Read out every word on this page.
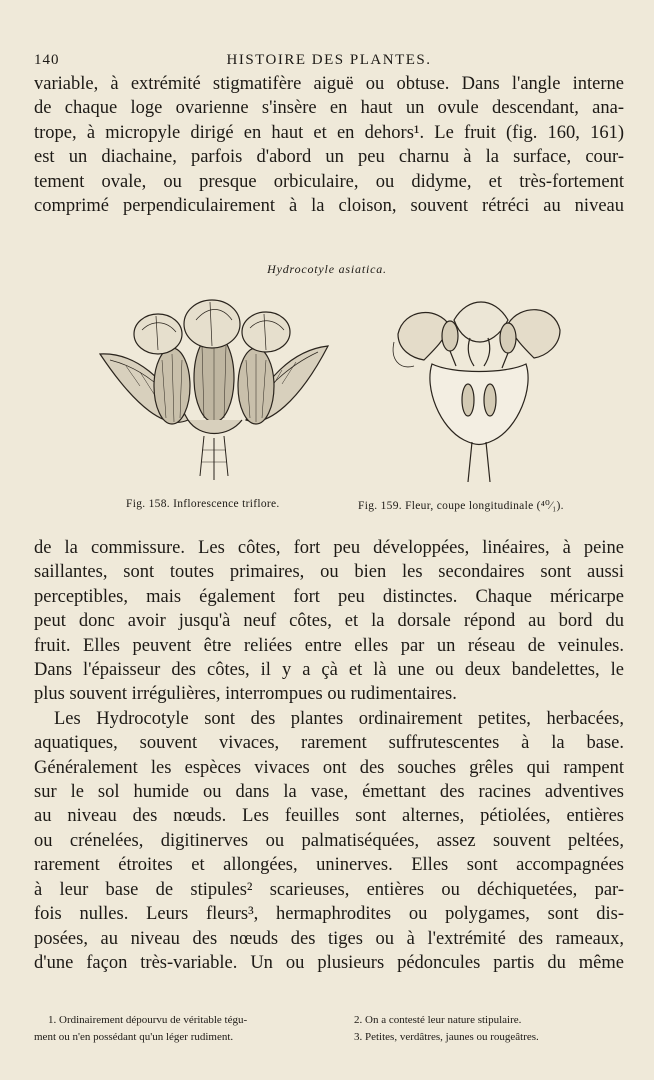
140	HISTOIRE DES PLANTES.
variable, à extrémité stigmatifère aiguë ou obtuse. Dans l'angle interne
de chaque loge ovarienne s'insère en haut un ovule descendant, ana-
trope, à micropyle dirigé en haut et en dehors¹. Le fruit (fig. 160, 161)
est un diachaine, parfois d'abord un peu charnu à la surface, cour-
tement ovale, ou presque orbiculaire, ou didyme, et très-fortement
comprimé perpendiculairement à la cloison, souvent rétréci au niveau
Hydrocotyle asiatica.
Fig. 158. Inflorescence triflore.	Fig. 159. Fleur, coupe longitudinale (⁴⁰⁄₁).
de la commissure. Les côtes, fort peu développées, linéaires, à peine
saillantes, sont toutes primaires, ou bien les secondaires sont aussi
perceptibles, mais également fort peu distinctes. Chaque méricarpe
peut donc avoir jusqu'à neuf côtes, et la dorsale répond au bord du
fruit. Elles peuvent être reliées entre elles par un réseau de veinules.
Dans l'épaisseur des côtes, il y a çà et là une ou deux bandelettes, le
plus souvent irrégulières, interrompues ou rudimentaires.
Les Hydrocotyle sont des plantes ordinairement petites, herbacées,
aquatiques, souvent vivaces, rarement suffrutescentes à la base.
Généralement les espèces vivaces ont des souches grêles qui rampent
sur le sol humide ou dans la vase, émettant des racines adventives
au niveau des nœuds. Les feuilles sont alternes, pétiolées, entières
ou crénelées, digitinerves ou palmatiséquées, assez souvent peltées,
rarement étroites et allongées, uninerves. Elles sont accompagnées
à leur base de stipules² scarieuses, entières ou déchiquetées, par-
fois nulles. Leurs fleurs³, hermaphrodites ou polygames, sont dis-
posées, au niveau des nœuds des tiges ou à l'extrémité des rameaux,
d'une façon très-variable. Un ou plusieurs pédoncules partis du même
1. Ordinairement dépourvu de véritable tégu-
ment ou n'en possédant qu'un léger rudiment.
2. On a contesté leur nature stipulaire.
3. Petites, verdâtres, jaunes ou rougeâtres.
